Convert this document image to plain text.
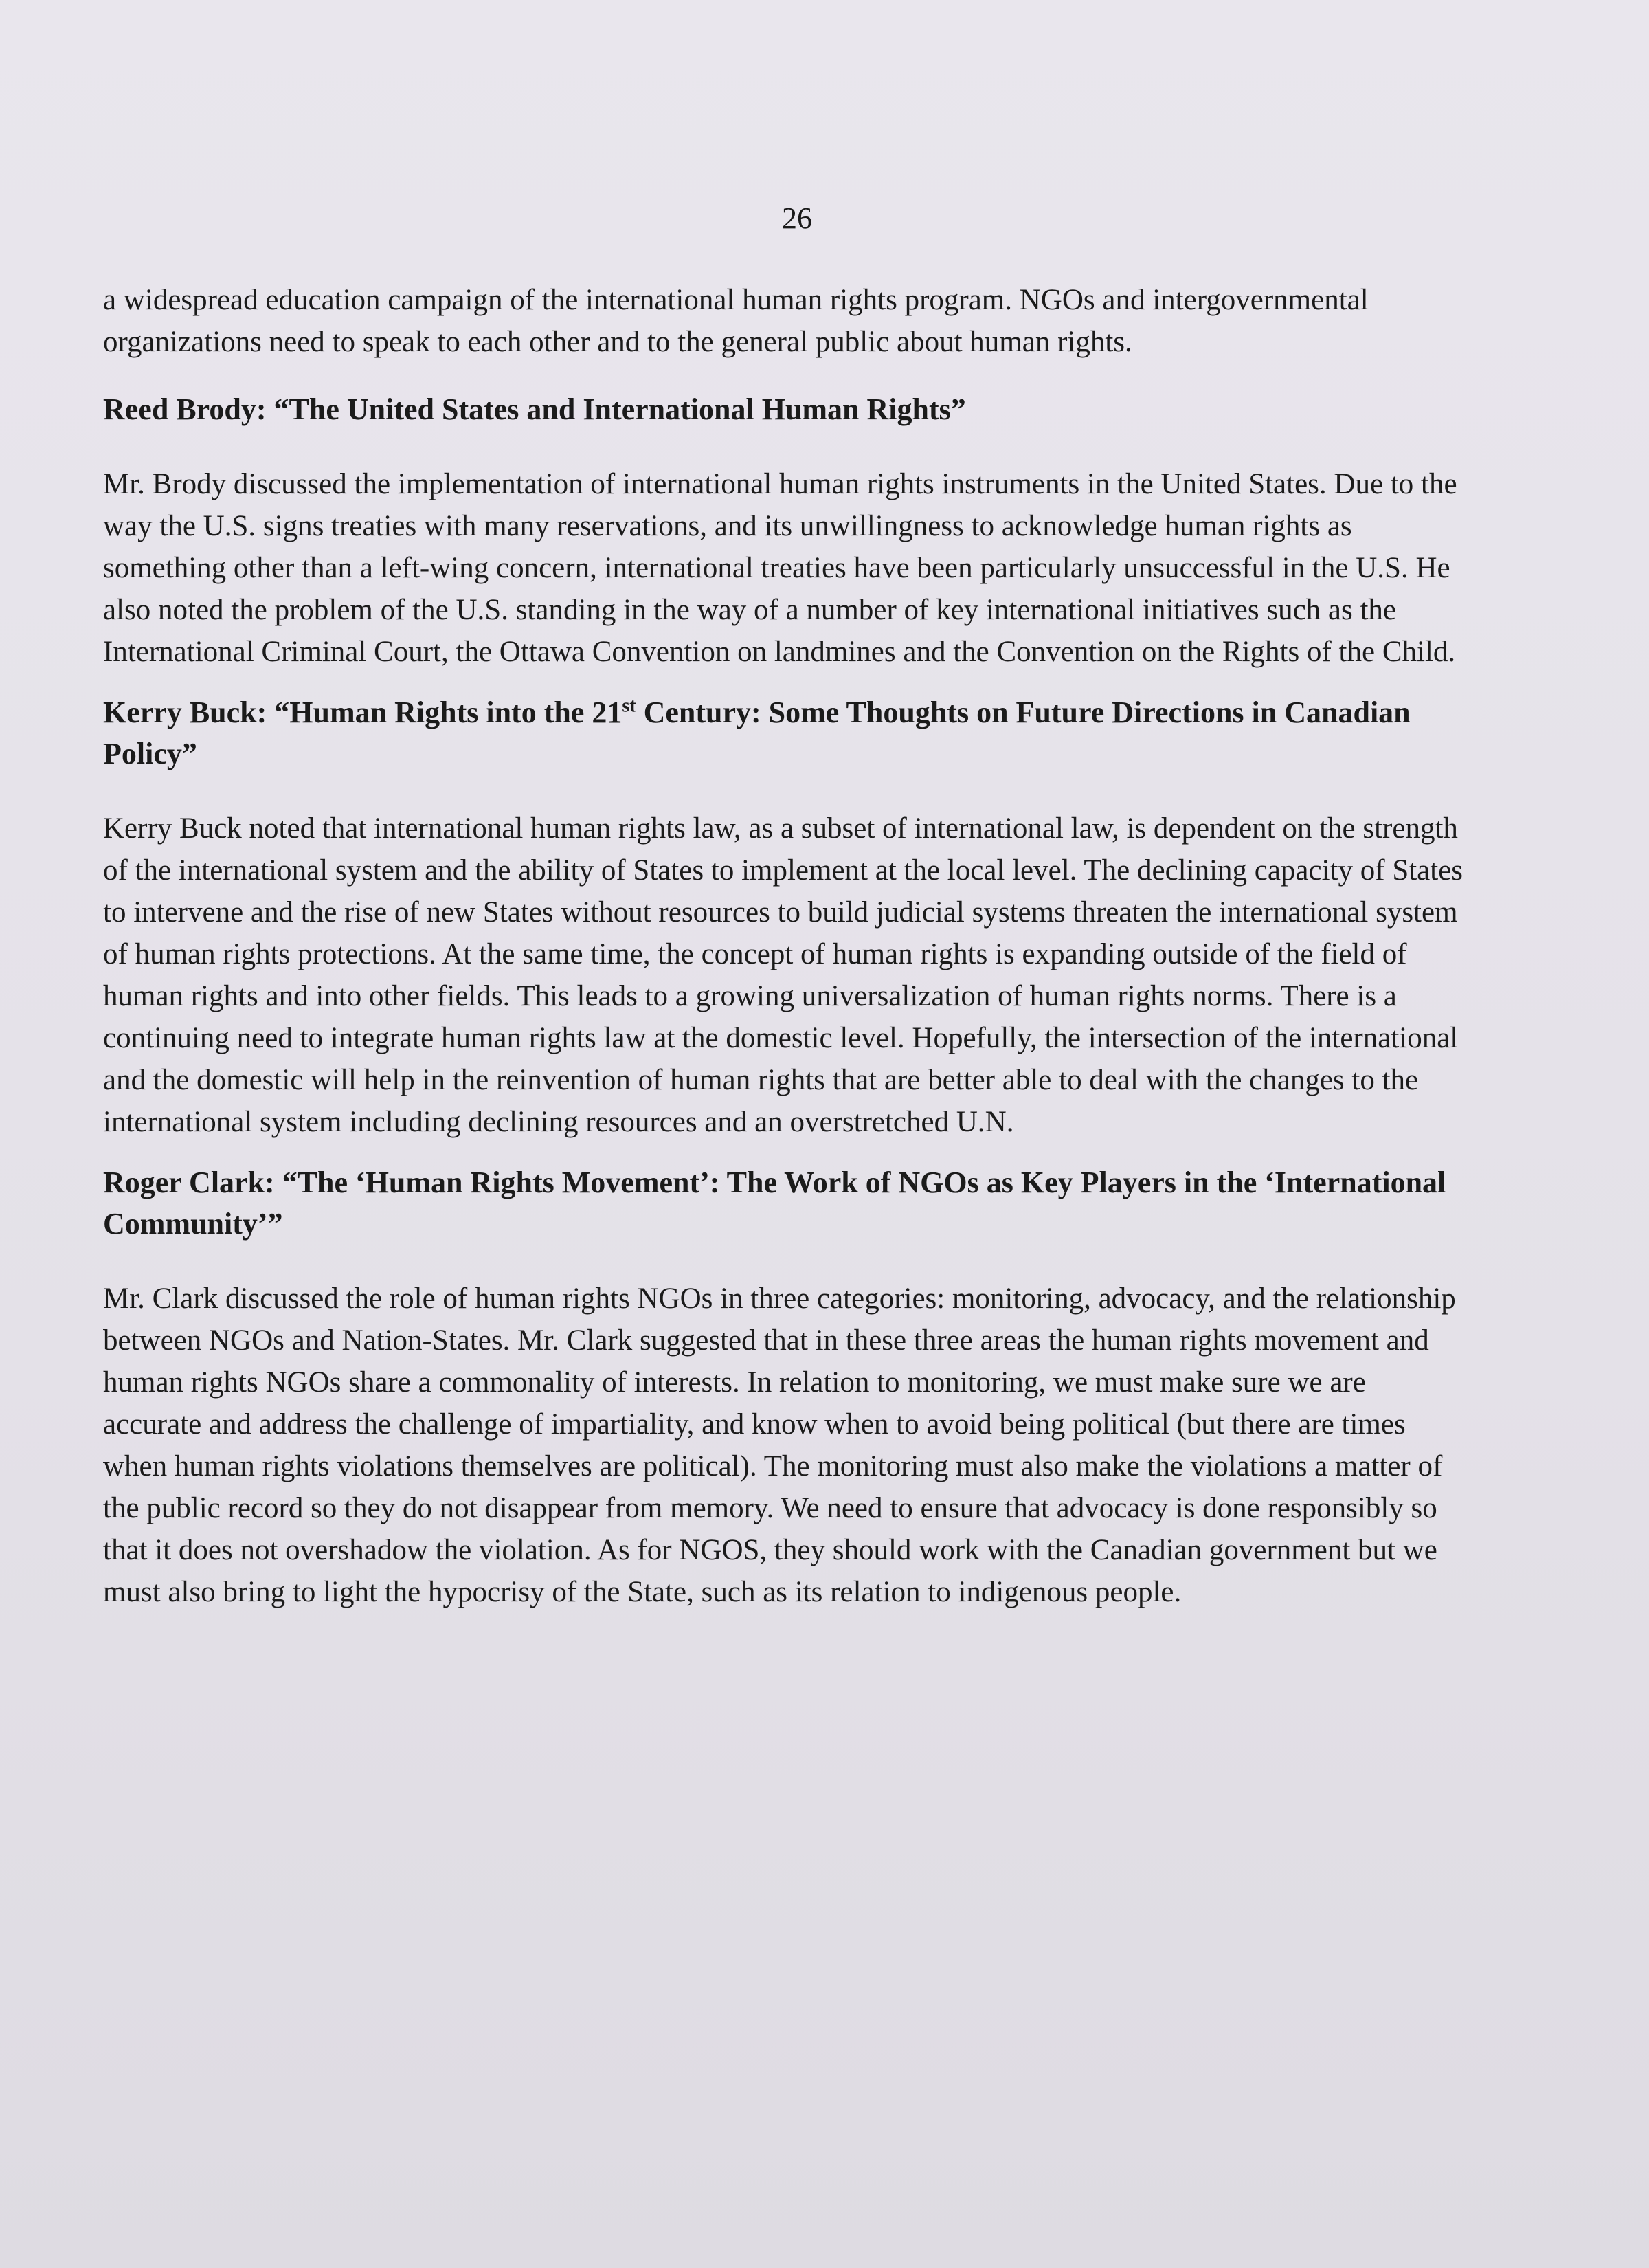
26

a widespread education campaign of the international human rights program. NGOs and intergovernmental organizations need to speak to each other and to the general public about human rights.

Reed Brody: “The United States and International Human Rights”

Mr. Brody discussed the implementation of international human rights instruments in the United States. Due to the way the U.S. signs treaties with many reservations, and its unwillingness to acknowledge human rights as something other than a left-wing concern, international treaties have been particularly unsuccessful in the U.S. He also noted the problem of the U.S. standing in the way of a number of key international initiatives such as the International Criminal Court, the Ottawa Convention on landmines and the Convention on the Rights of the Child.

Kerry Buck: “Human Rights into the 21st Century: Some Thoughts on Future Directions in Canadian Policy”

Kerry Buck noted that international human rights law, as a subset of international law, is dependent on the strength of the international system and the ability of States to implement at the local level. The declining capacity of States to intervene and the rise of new States without resources to build judicial systems threaten the international system of human rights protections. At the same time, the concept of human rights is expanding outside of the field of human rights and into other fields. This leads to a growing universalization of human rights norms. There is a continuing need to integrate human rights law at the domestic level. Hopefully, the intersection of the international and the domestic will help in the reinvention of human rights that are better able to deal with the changes to the international system including declining resources and an overstretched U.N.

Roger Clark: “The ‘Human Rights Movement’: The Work of NGOs as Key Players in the ‘International Community’”

Mr. Clark discussed the role of human rights NGOs in three categories: monitoring, advocacy, and the relationship between NGOs and Nation-States. Mr. Clark suggested that in these three areas the human rights movement and human rights NGOs share a commonality of interests. In relation to monitoring, we must make sure we are accurate and address the challenge of impartiality, and know when to avoid being political (but there are times when human rights violations themselves are political). The monitoring must also make the violations a matter of the public record so they do not disappear from memory. We need to ensure that advocacy is done responsibly so that it does not overshadow the violation. As for NGOS, they should work with the Canadian government but we must also bring to light the hypocrisy of the State, such as its relation to indigenous people.
